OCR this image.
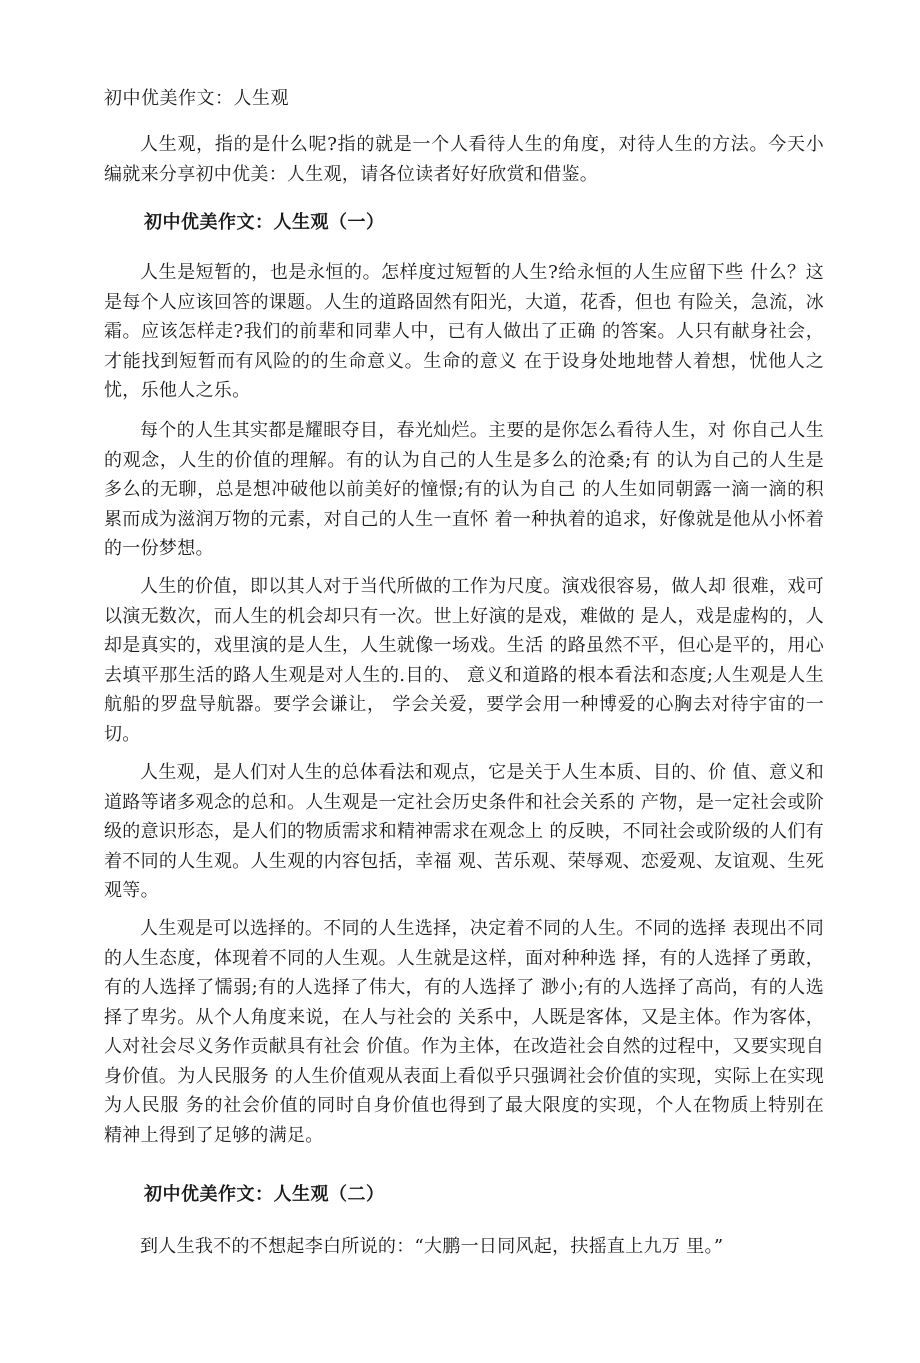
初中优美作文：人生观

人生观，指的是什么呢?指的就是一个人看待人生的角度，对待人生的方法。今天小编就来分享初中优美：人生观，请各位读者好好欣赏和借鉴。

初中优美作文：人生观（一）

人生是短暂的，也是永恒的。怎样度过短暂的人生?给永恒的人生应留下些 什么？这是每个人应该回答的课题。人生的道路固然有阳光，大道，花香，但也 有险关，急流，冰霜。应该怎样走?我们的前辈和同辈人中，已有人做出了正确 的答案。人只有献身社会，才能找到短暂而有风险的的生命意义。生命的意义 在于设身处地地替人着想，忧他人之忧，乐他人之乐。

每个的人生其实都是耀眼夺目，春光灿烂。主要的是你怎么看待人生，对 你自己人生的观念，人生的价值的理解。有的认为自己的人生是多么的沧桑;有 的认为自己的人生是多么的无聊，总是想冲破他以前美好的憧憬;有的认为自己 的人生如同朝露一滴一滴的积累而成为滋润万物的元素，对自己的人生一直怀 着一种执着的追求，好像就是他从小怀着的一份梦想。

人生的价值，即以其人对于当代所做的工作为尺度。演戏很容易，做人却 很难，戏可以演无数次，而人生的机会却只有一次。世上好演的是戏，难做的 是人，戏是虚构的，人却是真实的，戏里演的是人生，人生就像一场戏。生活 的路虽然不平，但心是平的，用心去填平那生活的路人生观是对人生的.目的、 意义和道路的根本看法和态度;人生观是人生航船的罗盘导航器。要学会谦让， 学会关爱，要学会用一种博爱的心胸去对待宇宙的一切。

人生观，是人们对人生的总体看法和观点，它是关于人生本质、目的、价 值、意义和道路等诸多观念的总和。人生观是一定社会历史条件和社会关系的 产物，是一定社会或阶级的意识形态，是人们的物质需求和精神需求在观念上 的反映，不同社会或阶级的人们有着不同的人生观。人生观的内容包括，幸福 观、苦乐观、荣辱观、恋爱观、友谊观、生死观等。

人生观是可以选择的。不同的人生选择，决定着不同的人生。不同的选择 表现出不同的人生态度，体现着不同的人生观。人生就是这样，面对种种选 择，有的人选择了勇敢，有的人选择了懦弱;有的人选择了伟大，有的人选择了 渺小;有的人选择了高尚，有的人选择了卑劣。从个人角度来说，在人与社会的 关系中，人既是客体，又是主体。作为客体，人对社会尽义务作贡献具有社会 价值。作为主体，在改造社会自然的过程中，又要实现自身价值。为人民服务 的人生价值观从表面上看似乎只强调社会价值的实现，实际上在实现为人民服 务的社会价值的同时自身价值也得到了最大限度的实现，个人在物质上特别在 精神上得到了足够的满足。

初中优美作文：人生观（二）

到人生我不的不想起李白所说的：“大鹏一日同风起，扶摇直上九万 里。”
